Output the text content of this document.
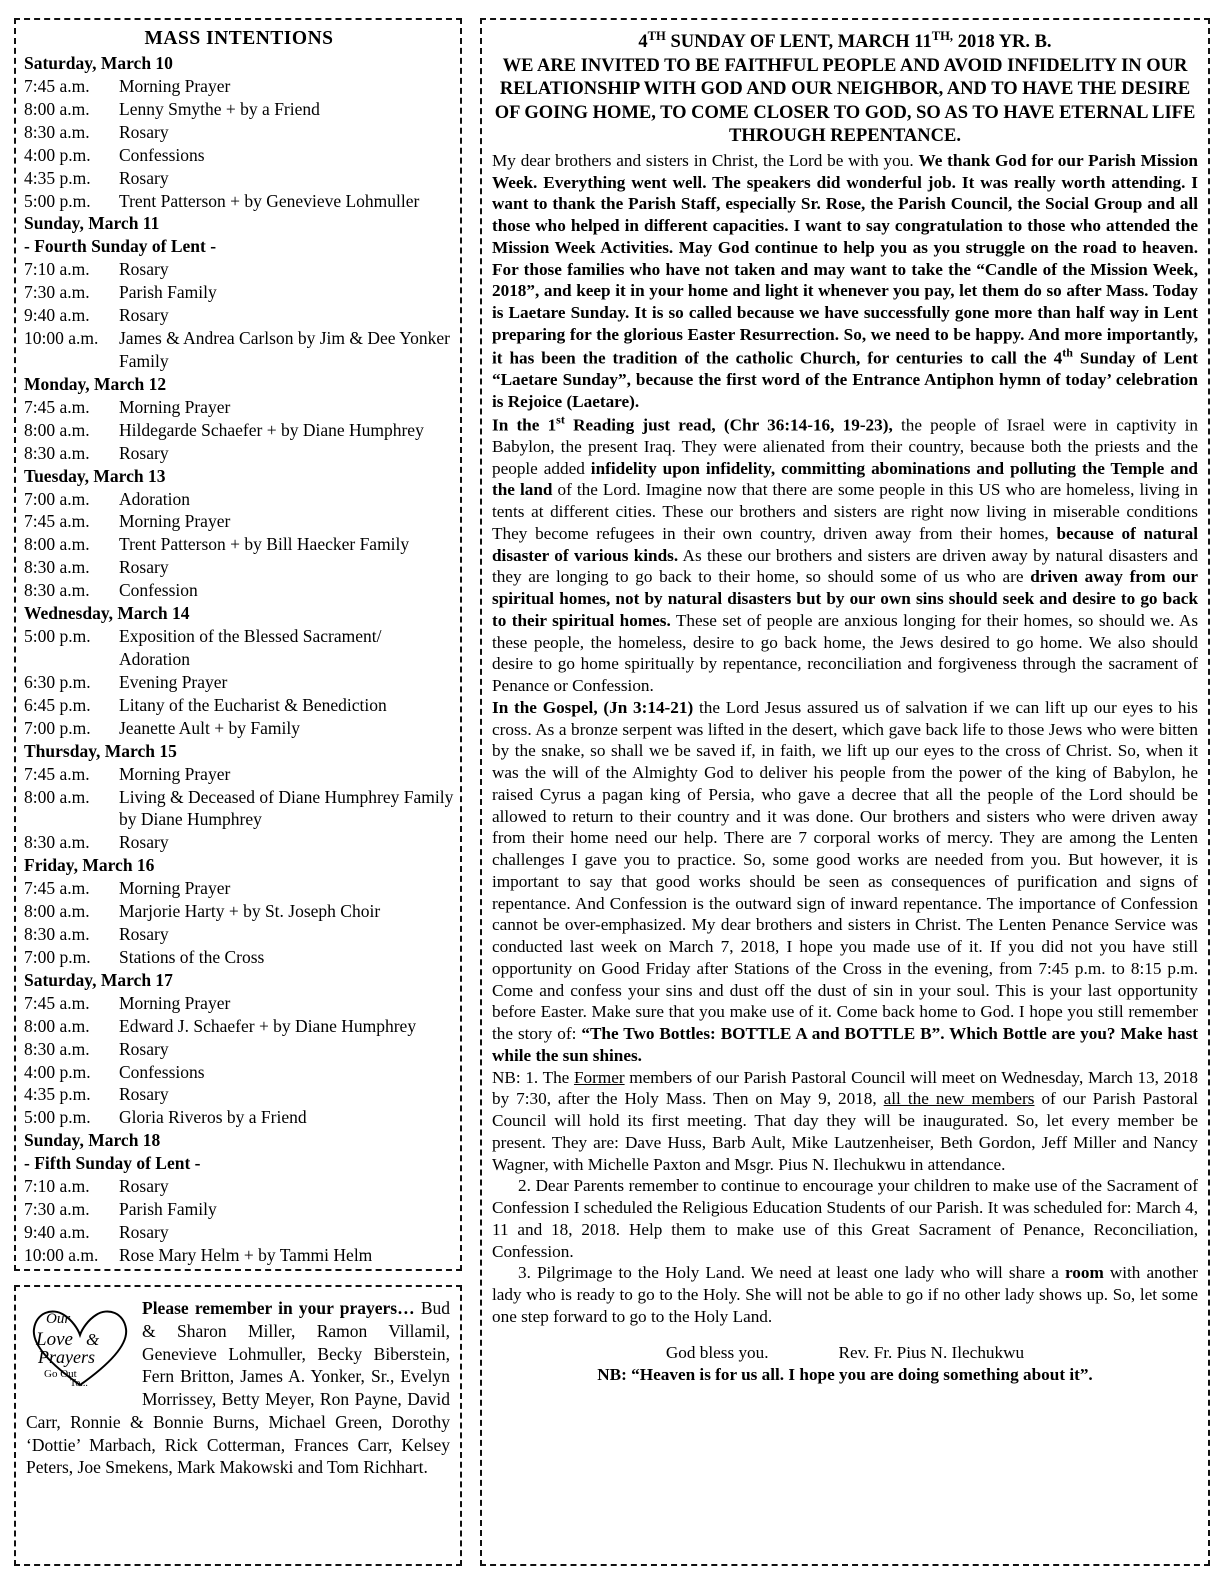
MASS INTENTIONS
Saturday, March 10
7:45 a.m.	Morning Prayer
8:00 a.m.	Lenny Smythe + by a Friend
8:30 a.m.	Rosary
4:00 p.m.	Confessions
4:35 p.m.	Rosary
5:00 p.m.	Trent Patterson + by Genevieve Lohmuller
Sunday, March 11
- Fourth Sunday of Lent -
7:10 a.m.	Rosary
7:30 a.m.	Parish Family
9:40 a.m.	Rosary
10:00 a.m.	James & Andrea Carlson by Jim & Dee Yonker Family
Monday, March 12
7:45 a.m.	Morning Prayer
8:00 a.m.	Hildegarde Schaefer + by Diane Humphrey
8:30 a.m.	Rosary
Tuesday, March 13
7:00 a.m.	Adoration
7:45 a.m.	Morning Prayer
8:00 a.m.	Trent Patterson + by Bill Haecker Family
8:30 a.m.	Rosary
8:30 a.m.	Confession
Wednesday, March 14
5:00 p.m.	Exposition of the Blessed Sacrament/ Adoration
6:30 p.m.	Evening Prayer
6:45 p.m.	Litany of the Eucharist & Benediction
7:00 p.m.	Jeanette Ault + by Family
Thursday, March 15
7:45 a.m.	Morning Prayer
8:00 a.m.	Living & Deceased of Diane Humphrey Family by Diane Humphrey
8:30 a.m.	Rosary
Friday, March 16
7:45 a.m.	Morning Prayer
8:00 a.m.	Marjorie Harty + by St. Joseph Choir
8:30 a.m.	Rosary
7:00 p.m.	Stations of the Cross
Saturday, March 17
7:45 a.m.	Morning Prayer
8:00 a.m.	Edward J. Schaefer + by Diane Humphrey
8:30 a.m.	Rosary
4:00 p.m.	Confessions
4:35 p.m.	Rosary
5:00 p.m.	Gloria Riveros by a Friend
Sunday, March 18
- Fifth Sunday of Lent -
7:10 a.m.	Rosary
7:30 a.m.	Parish Family
9:40 a.m.	Rosary
10:00 a.m.	Rose Mary Helm + by Tammi Helm
Our
Love &
Prayers
Go Out
To...
Please remember in your prayers… Bud & Sharon Miller, Ramon Villamil, Genevieve Lohmuller, Becky Biberstein, Fern Britton, James A. Yonker, Sr., Evelyn Morrissey, Betty Meyer, Ron Payne, David Carr, Ronnie & Bonnie Burns, Michael Green, Dorothy ‘Dottie’ Marbach, Rick Cotterman, Frances Carr, Kelsey Peters, Joe Smekens, Mark Makowski and Tom Richhart.
4TH SUNDAY OF LENT, MARCH $11^{TH,}$ 2018 YR. B.
WE ARE INVITED TO BE FAITHFUL PEOPLE AND AVOID INFIDELITY IN OUR RELATIONSHIP WITH GOD AND OUR NEIGHBOR, AND TO HAVE THE DESIRE OF GOING HOME, TO COME CLOSER TO GOD, SO AS TO HAVE ETERNAL LIFE THROUGH REPENTANCE.

My dear brothers and sisters in Christ, the Lord be with you. We thank God for our Parish Mission Week. Everything went well. The speakers did wonderful job. It was really worth attending. I want to thank the Parish Staff, especially Sr. Rose, the Parish Council, the Social Group and all those who helped in different capacities. I want to say congratulation to those who attended the Mission Week Activities. May God continue to help you as you struggle on the road to heaven. For those families who have not taken and may want to take the “Candle of the Mission Week, 2018”, and keep it in your home and light it whenever you pay, let them do so after Mass. Today is Laetare Sunday. It is so called because we have successfully gone more than half way in Lent preparing for the glorious Easter Resurrection. So, we need to be happy. And more importantly, it has been the tradition of the catholic Church, for centuries to call the 4th Sunday of Lent “Laetare Sunday”, because the first word of the Entrance Antiphon hymn of today’ celebration is Rejoice (Laetare).

In the 1st Reading just read, (Chr 36:14-16, 19-23), the people of Israel were in captivity in Babylon, the present Iraq. They were alienated from their country, because both the priests and the people added infidelity upon infidelity, committing abominations and polluting the Temple and the land of the Lord. Imagine now that there are some people in this US who are homeless, living in tents at different cities. These our brothers and sisters are right now living in miserable conditions They become refugees in their own country, driven away from their homes, because of natural disaster of various kinds. As these our brothers and sisters are driven away by natural disasters and they are longing to go back to their home, so should some of us who are driven away from our spiritual homes, not by natural disasters but by our own sins should seek and desire to go back to their spiritual homes. These set of people are anxious longing for their homes, so should we. As these people, the homeless, desire to go back home, the Jews desired to go home. We also should desire to go home spiritually by repentance, reconciliation and forgiveness through the sacrament of Penance or Confession.

In the Gospel, (Jn 3:14-21) the Lord Jesus assured us of salvation if we can lift up our eyes to his cross. As a bronze serpent was lifted in the desert, which gave back life to those Jews who were bitten by the snake, so shall we be saved if, in faith, we lift up our eyes to the cross of Christ. So, when it was the will of the Almighty God to deliver his people from the power of the king of Babylon, he raised Cyrus a pagan king of Persia, who gave a decree that all the people of the Lord should be allowed to return to their country and it was done. Our brothers and sisters who were driven away from their home need our help. There are 7 corporal works of mercy. They are among the Lenten challenges I gave you to practice. So, some good works are needed from you. But however, it is important to say that good works should be seen as consequences of purification and signs of repentance. And Confession is the outward sign of inward repentance. The importance of Confession cannot be over-emphasized. My dear brothers and sisters in Christ. The Lenten Penance Service was conducted last week on March 7, 2018, I hope you made use of it. If you did not you have still opportunity on Good Friday after Stations of the Cross in the evening, from 7:45 p.m. to 8:15 p.m. Come and confess your sins and dust off the dust of sin in your soul. This is your last opportunity before Easter. Make sure that you make use of it. Come back home to God. I hope you still remember the story of: “The Two Bottles: BOTTLE A and BOTTLE B”. Which Bottle are you? Make hast while the sun shines.

NB: 1. The Former members of our Parish Pastoral Council will meet on Wednesday, March 13, 2018 by 7:30, after the Holy Mass. Then on May 9, 2018, all the new members of our Parish Pastoral Council will hold its first meeting. That day they will be inaugurated. So, let every member be present. They are: Dave Huss, Barb Ault, Mike Lautzenheiser, Beth Gordon, Jeff Miller and Nancy Wagner, with Michelle Paxton and Msgr. Pius N. Ilechukwu in attendance.

2. Dear Parents remember to continue to encourage your children to make use of the Sacrament of Confession I scheduled the Religious Education Students of our Parish. It was scheduled for: March 4, 11 and 18, 2018. Help them to make use of this Great Sacrament of Penance, Reconciliation, Confession.

3. Pilgrimage to the Holy Land. We need at least one lady who will share a room with another lady who is ready to go to the Holy. She will not be able to go if no other lady shows up. So, let some one step forward to go to the Holy Land.

God bless you.	Rev. Fr. Pius N. Ilechukwu
NB: “Heaven is for us all. I hope you are doing something about it”.
